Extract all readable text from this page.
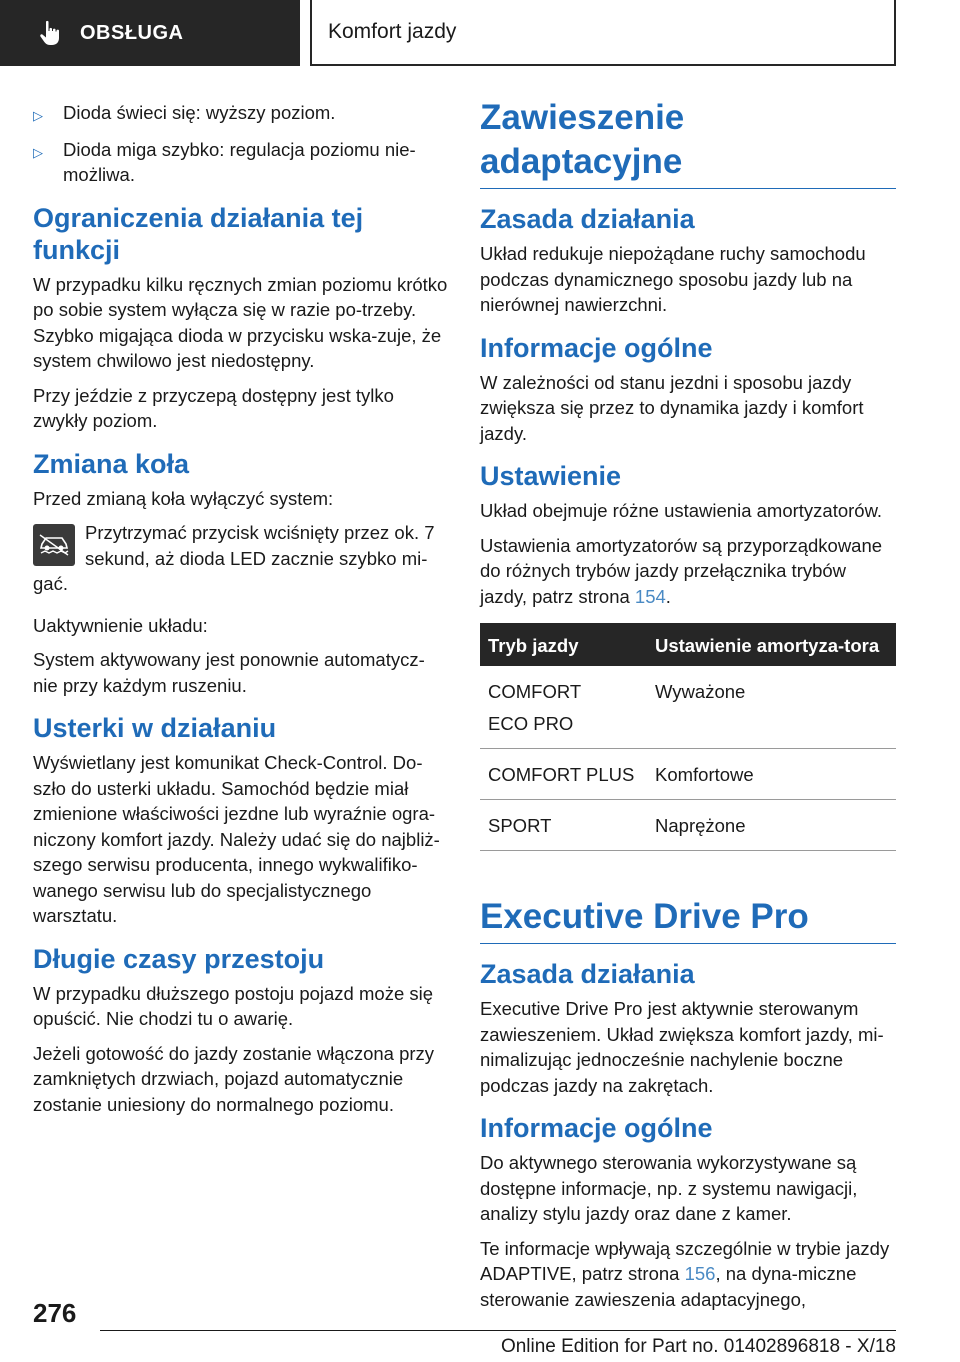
OBSŁUGA	Komfort jazdy
▷	Dioda świeci się: wyższy poziom.
▷	Dioda miga szybko: regulacja poziomu nie‐możliwa.
Ograniczenia działania tej funkcji

W przypadku kilku ręcznych zmian poziomu krótko po sobie system wyłącza się w razie po‐trzeby. Szybko migająca dioda w przycisku wska‐zuje, że system chwilowo jest niedostępny.

Przy jeździe z przyczepą dostępny jest tylko zwykły poziom.

Zmiana koła

Przed zmianą koła wyłączyć system:

Przytrzymać przycisk wciśnięty przez ok. 7 sekund, aż dioda LED zacznie szybko mi‐gać.

Uaktywnienie układu:

System aktywowany jest ponownie automatycz‐nie przy każdym ruszeniu.

Usterki w działaniu

Wyświetlany jest komunikat Check-Control. Do‐szło do usterki układu. Samochód będzie miał zmienione właściwości jezdne lub wyraźnie ogra‐niczony komfort jazdy. Należy udać się do najbliż‐szego serwisu producenta, innego wykwalifiko‐wanego serwisu lub do specjalistycznego warsztatu.

Długie czasy przestoju

W przypadku dłuższego postoju pojazd może się opuścić. Nie chodzi tu o awarię.

Jeżeli gotowość do jazdy zostanie włączona przy zamkniętych drzwiach, pojazd automatycznie zostanie uniesiony do normalnego poziomu.

Zawieszenie adaptacyjne
Zasada działania

Układ redukuje niepożądane ruchy samochodu podczas dynamicznego sposobu jazdy lub na nierównej nawierzchni.

Informacje ogólne

W zależności od stanu jezdni i sposobu jazdy zwiększa się przez to dynamika jazdy i komfort jazdy.

Ustawienie

Układ obejmuje różne ustawienia amortyzatorów.

Ustawienia amortyzatorów są przyporządkowane do różnych trybów jazdy przełącznika trybów jazdy, patrz strona 154.

Tryb jazdy	Ustawienie amortyza‐tora

COMFORT
ECO PRO	Wyważone

COMFORT PLUS	Komfortowe

SPORT	Naprężone
Executive Drive Pro
Zasada działania

Executive Drive Pro jest aktywnie sterowanym zawieszeniem. Układ zwiększa komfort jazdy, mi‐nimalizując jednocześnie nachylenie boczne podczas jazdy na zakrętach.

Informacje ogólne

Do aktywnego sterowania wykorzystywane są dostępne informacje, np. z systemu nawigacji, analizy stylu jazdy oraz dane z kamer.

Te informacje wpływają szczególnie w trybie jazdy ADAPTIVE, patrz strona 156, na dyna‐miczne sterowanie zawieszenia adaptacyjnego,

276
Online Edition for Part no. 01402896818 - X/18
